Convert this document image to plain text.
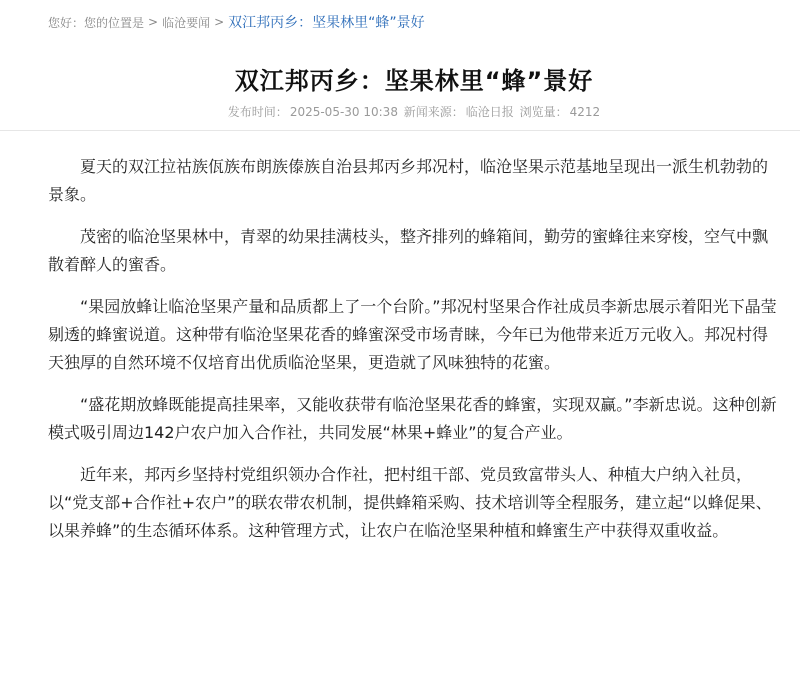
您好：您的位置是 > 临沧要闻 > 双江邦丙乡：坚果林里“蜂”景好
双江邦丙乡：坚果林里“蜂”景好
发布时间： 2025-05-30 10:38 新闻来源： 临沧日报 浏览量： 4212

夏天的双江拉祜族佤族布朗族傣族自治县邦丙乡邦况村，临沧坚果示范基地呈现出一派生机勃勃的景象。

茂密的临沧坚果林中，青翠的幼果挂满枝头，整齐排列的蜂箱间，勤劳的蜜蜂往来穿梭，空气中飘散着醉人的蜜香。

“果园放蜂让临沧坚果产量和品质都上了一个台阶。”邦况村坚果合作社成员李新忠展示着阳光下晶莹剔透的蜂蜜说道。这种带有临沧坚果花香的蜂蜜深受市场青睐，今年已为他带来近万元收入。邦况村得天独厚的自然环境不仅培育出优质临沧坚果，更造就了风味独特的花蜜。

“盛花期放蜂既能提高挂果率，又能收获带有临沧坚果花香的蜂蜜，实现双赢。”李新忠说。这种创新模式吸引周边142户农户加入合作社，共同发展“林果+蜂业”的复合产业。

近年来，邦丙乡坚持村党组织领办合作社，把村组干部、党员致富带头人、种植大户纳入社员，以“党支部+合作社+农户”的联农带农机制，提供蜂箱采购、技术培训等全程服务，建立起“以蜂促果、以果养蜂”的生态循环体系。这种管理方式，让农户在临沧坚果种植和蜂蜜生产中获得双重收益。
